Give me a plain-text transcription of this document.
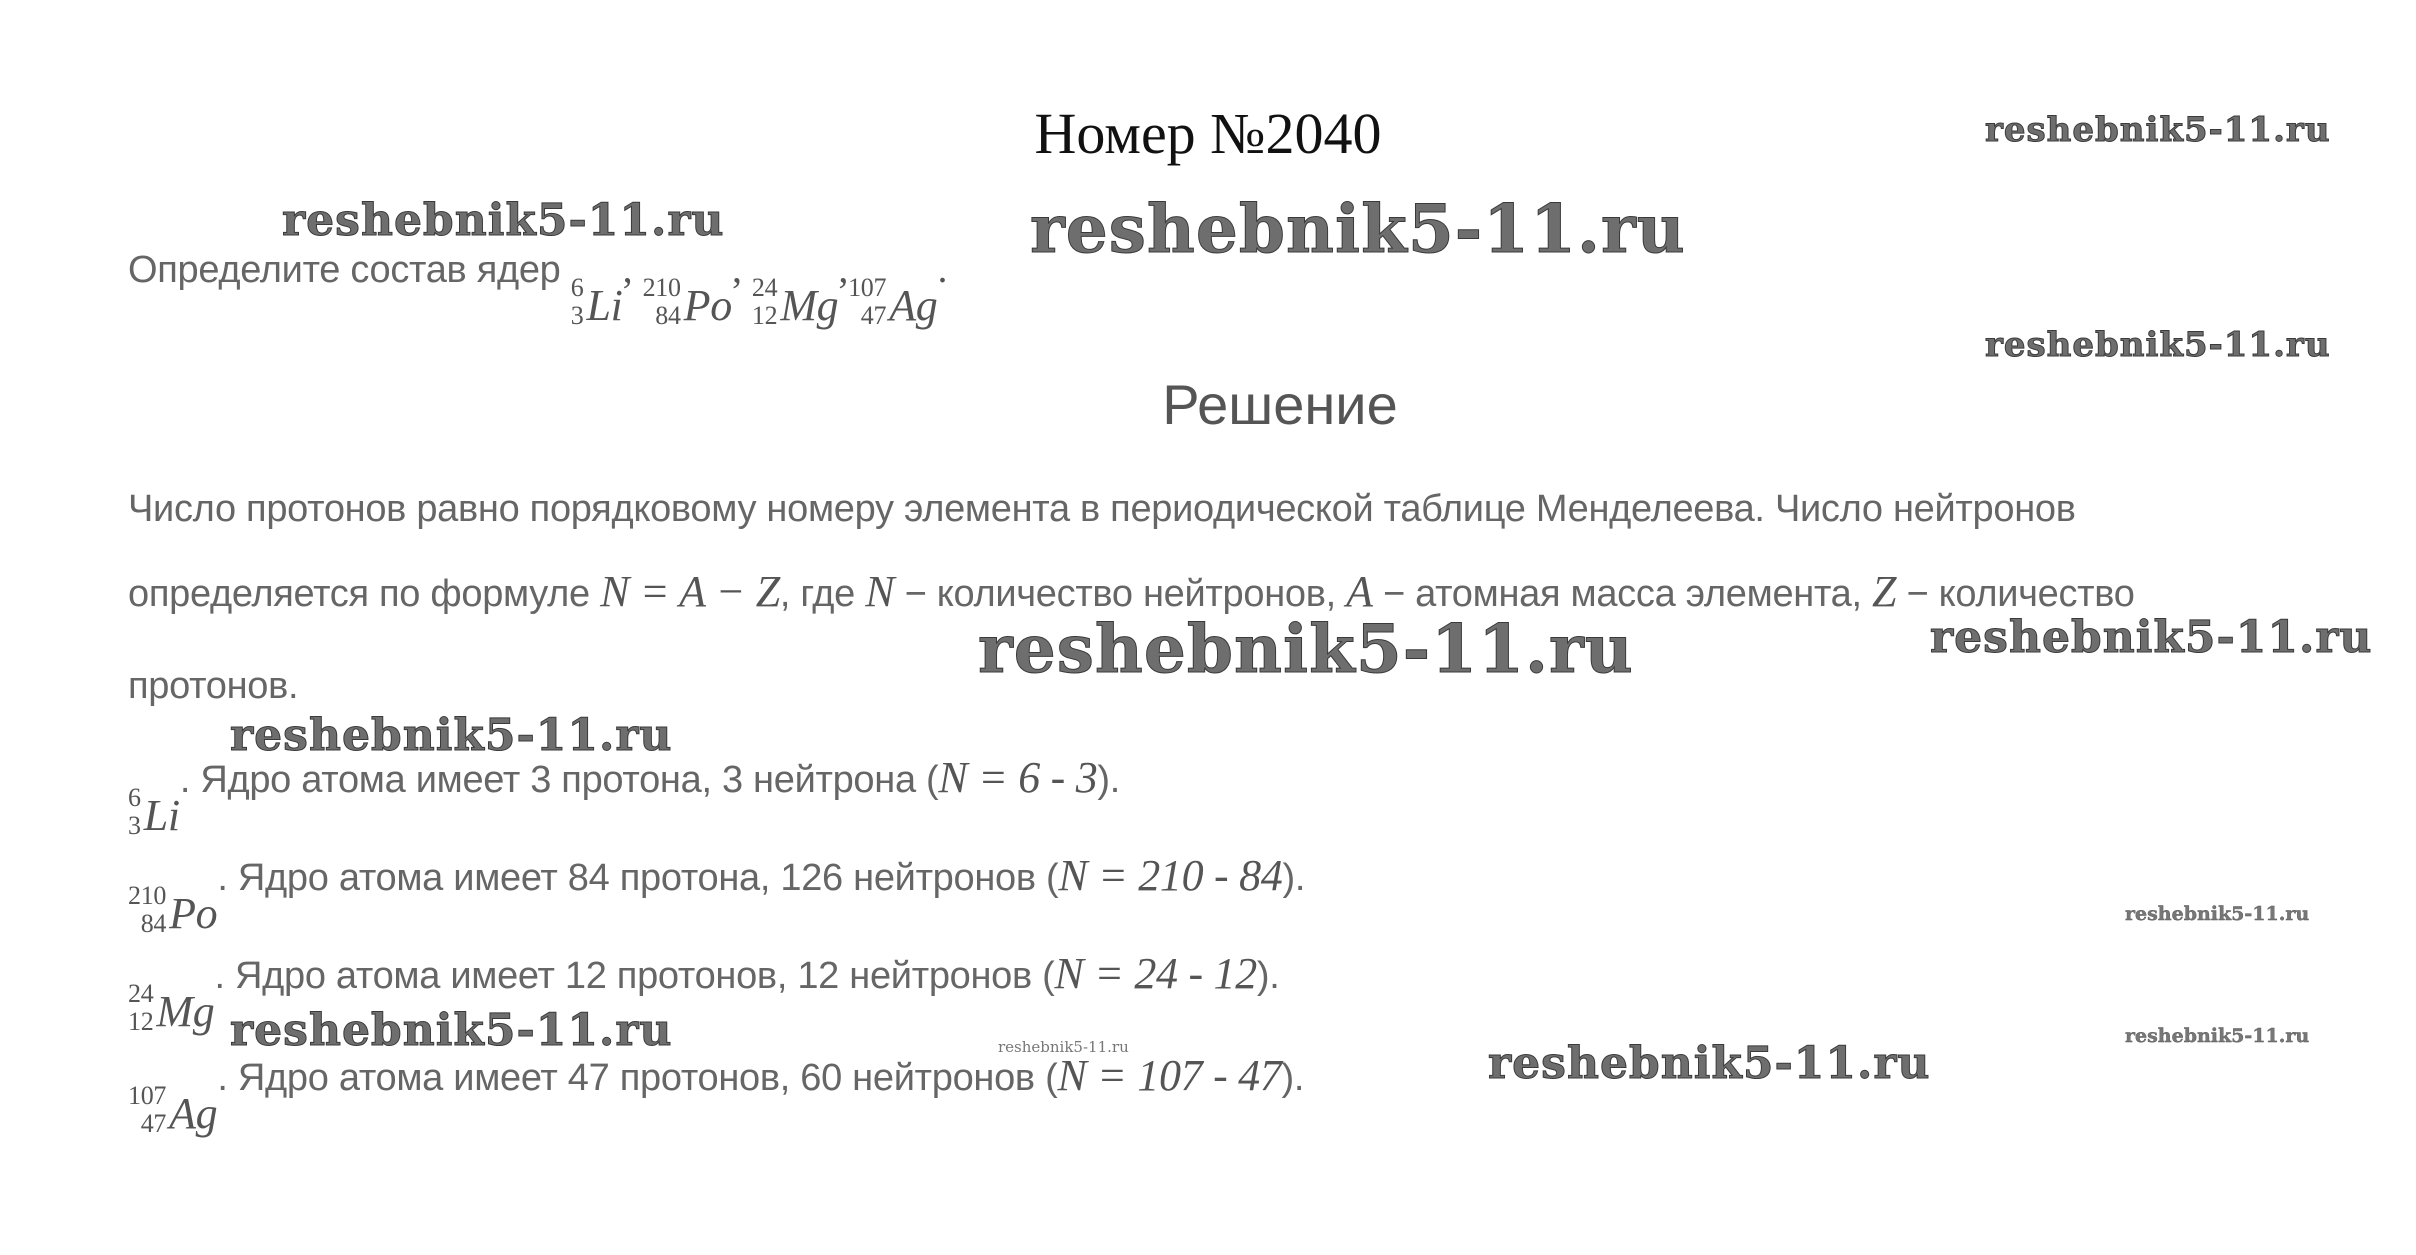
Номер №2040
Определите состав ядер 6
3 Li
, 210
84 Po
, 24
12 Mg
, 107
47 Ag
.
Решение
Число протонов равно порядковому номеру элемента в периодической таблице Менделеева. Число нейтронов
определяется по формуле N = A − Z, где N − количество нейтронов, A − атомная масса элемента, Z − количество
протонов.
6
3 Li
. Ядро атома имеет 3 протона, 3 нейтрона (N = 6 - 3).
210
84 Po
. Ядро атома имеет 84 протона, 126 нейтронов (N = 210 - 84).
24
12 Mg
. Ядро атома имеет 12 протонов, 12 нейтронов (N = 24 - 12).
107
47 Ag
. Ядро атома имеет 47 протонов, 60 нейтронов (N = 107 - 47).
reshebnik5-11.ru
reshebnik5-11.ru	reshebnik5-11.ru
reshebnik5-11.ru
reshebnik5-11.ru	reshebnik5-11.ru
reshebnik5-11.ru
reshebnik5-11.ru
reshebnik5-11.ru	reshebnik5-11.ru
reshebnik5-11.ru	reshebnik5-11.ru
